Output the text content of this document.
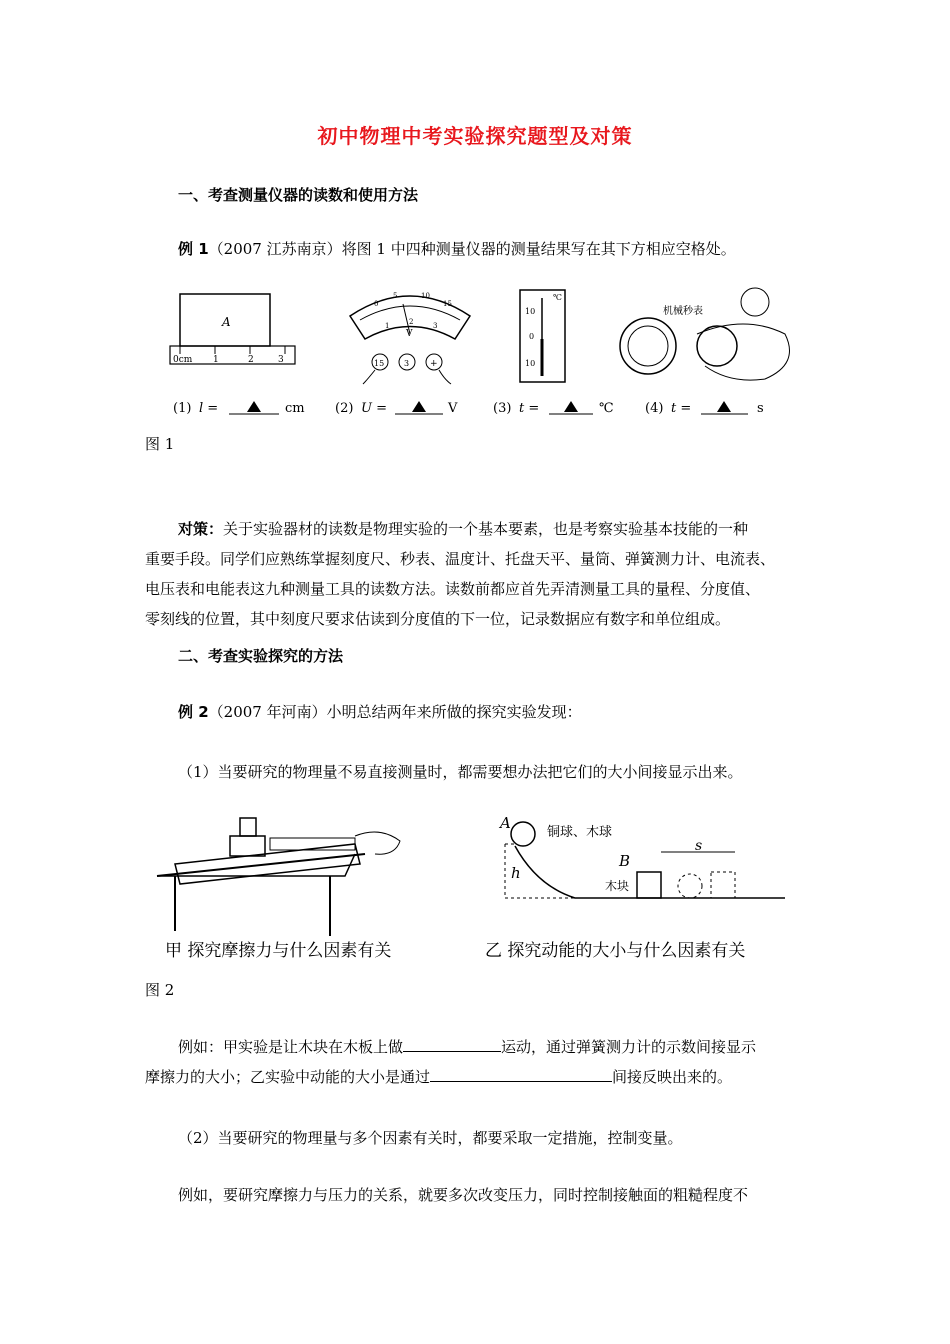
初中物理中考实验探究题型及对策
一、考查测量仪器的读数和使用方法
例 1（2007 江苏南京）将图 1 中四种测量仪器的测量结果写在其下方相应空格处。
A
0cm 1	2	3
0
5	10
15
1	2	3
V
15 3 +
10
0
10
℃
机械秒表
(1) l =	cm (2) U =	V	(3) t =	℃ (4) t =	s
图 1
对策：关于实验器材的读数是物理实验的一个基本要素，也是考察实验基本技能的一种
重要手段。同学们应熟练掌握刻度尺、秒表、温度计、托盘天平、量筒、弹簧测力计、电流表、
电压表和电能表这九种测量工具的读数方法。读数前都应首先弄清测量工具的量程、分度值、
零刻线的位置，其中刻度尺要求估读到分度值的下一位，记录数据应有数字和单位组成。
二、考查实验探究的方法
例 2（2007 年河南）小明总结两年来所做的探究实验发现：
（1）当要研究的物理量不易直接测量时，都需要想办法把它们的大小间接显示出来。
A
铜球、木球
h
B
木块
s
甲 探究摩擦力与什么因素有关	乙 探究动能的大小与什么因素有关
图 2
例如：甲实验是让木块在木板上做	运动，通过弹簧测力计的示数间接显示
摩擦力的大小；乙实验中动能的大小是通过	间接反映出来的。
（2）当要研究的物理量与多个因素有关时，都要采取一定措施，控制变量。
例如，要研究摩擦力与压力的关系，就要多次改变压力，同时控制接触面的粗糙程度不
